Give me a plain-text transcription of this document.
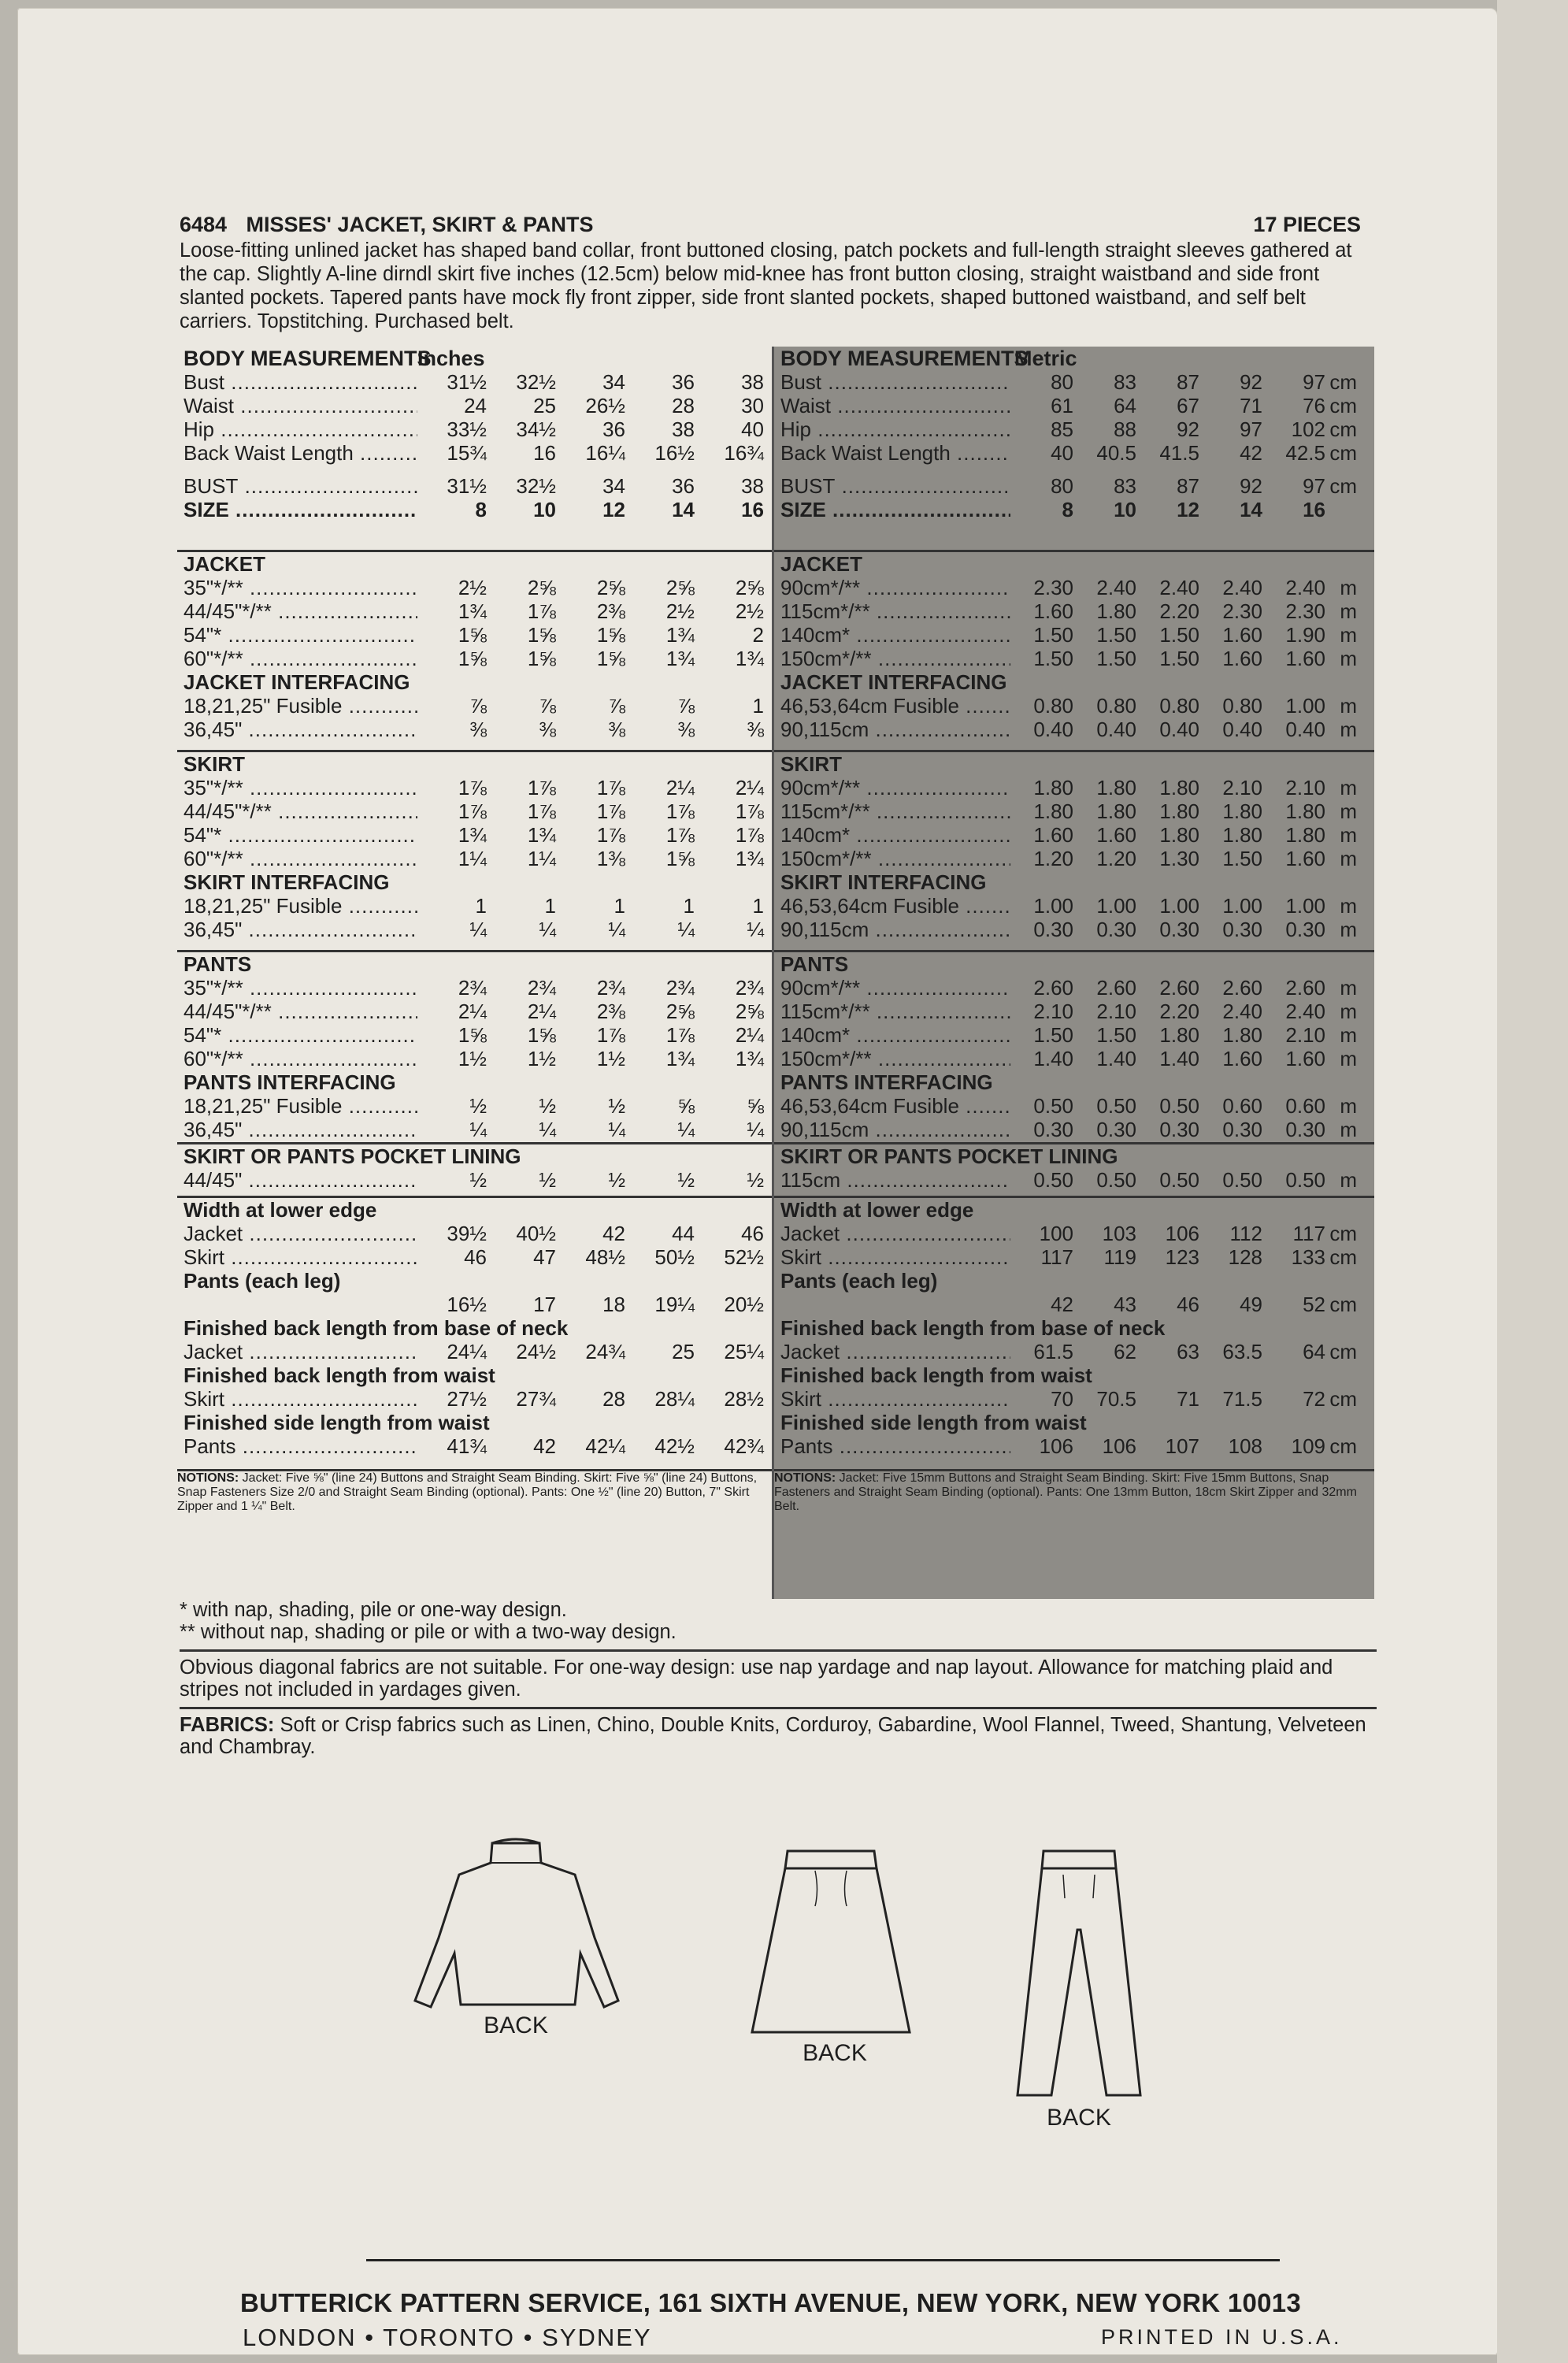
6484 MISSES' JACKET, SKIRT & PANTS	17 PIECES
Loose-fitting unlined jacket has shaped band collar, front buttoned closing, patch pockets and full-length straight sleeves gathered at the cap. Slightly A-line dirndl skirt five inches (12.5cm) below mid-knee has front button closing, straight waistband and side front slanted pockets. Tapered pants have mock fly front zipper, side front slanted pockets, shaped buttoned waistband, and self belt carriers. Topstitching. Purchased belt.
BODY MEASUREMENTS
Inches
Bust .....	31½	32½	34	36	38
Waist .....	24	25	26½	28	30
Hip .....	33½	34½	36	38	40
Back Waist Length .....	15¾	16	16¼	16½	16¾
BUST .....	31½	32½	34	36	38
SIZE .....	8	10	12	14	16
JACKET
35"*/** .....	2½	2⅝	2⅝	2⅝	2⅝
44/45"*/** .....	1¾	1⅞	2⅜	2½	2½
54"* .....	1⅝	1⅝	1⅝	1¾	2
60"*/** .....	1⅝	1⅝	1⅝	1¾	1¾
JACKET INTERFACING
18,21,25" Fusible .....	⅞	⅞	⅞	⅞	1
36,45" .....	⅜	⅜	⅜	⅜	⅜
SKIRT
35"*/** .....	1⅞	1⅞	1⅞	2¼	2¼
44/45"*/** .....	1⅞	1⅞	1⅞	1⅞	1⅞
54"* .....	1¾	1¾	1⅞	1⅞	1⅞
60"*/** .....	1¼	1¼	1⅜	1⅝	1¾
SKIRT INTERFACING
18,21,25" Fusible .....	1	1	1	1	1
36,45" .....	¼	¼	¼	¼	¼
PANTS
35"*/** .....	2¾	2¾	2¾	2¾	2¾
44/45"*/** .....	2¼	2¼	2⅜	2⅝	2⅝
54"* .....	1⅝	1⅝	1⅞	1⅞	2¼
60"*/** .....	1½	1½	1½	1¾	1¾
PANTS INTERFACING
18,21,25" Fusible .....	½	½	½	⅝	⅝
36,45" .....	¼	¼	¼	¼	¼
SKIRT OR PANTS POCKET LINING
44/45" .....	½	½	½	½	½
Width at lower edge
Jacket .....	39½	40½	42	44	46
Skirt .....	46	47	48½	50½	52½
Pants (each leg)
16½	17	18	19¼	20½
Finished back length from base of neck
Jacket .....	24¼	24½	24¾	25	25¼
Finished back length from waist
Skirt .....	27½	27¾	28	28¼	28½
Finished side length from waist
Pants .....	41¾	42	42¼	42½	42¾
NOTIONS: Jacket: Five ⅝" (line 24) Buttons and Straight Seam Binding. Skirt: Five ⅝" (line 24) Buttons, Snap Fasteners Size 2/0 and Straight Seam Binding (optional). Pants: One ½" (line 20) Button, 7" Skirt Zipper and 1 ¼" Belt.
BODY MEASUREMENTS
Metric
Bust .....	80	83	87	92	97 cm
Waist .....	61	64	67	71	76 cm
Hip .....	85	88	92	97	102 cm
Back Waist Length .....	40	40.5	41.5	42	42.5 cm
BUST .....	80	83	87	92	97 cm
SIZE .....	8	10	12	14	16
JACKET
90cm*/** .....	2.30	2.40	2.40	2.40	2.40 m
115cm*/** .....	1.60	1.80	2.20	2.30	2.30 m
140cm* .....	1.50	1.50	1.50	1.60	1.90 m
150cm*/** .....	1.50	1.50	1.50	1.60	1.60 m
JACKET INTERFACING
46,53,64cm Fusible .....	0.80	0.80	0.80	0.80	1.00 m
90,115cm .....	0.40	0.40	0.40	0.40	0.40 m
SKIRT
90cm*/** .....	1.80	1.80	1.80	2.10	2.10 m
115cm*/** .....	1.80	1.80	1.80	1.80	1.80 m
140cm* .....	1.60	1.60	1.80	1.80	1.80 m
150cm*/** .....	1.20	1.20	1.30	1.50	1.60 m
SKIRT INTERFACING
46,53,64cm Fusible .....	1.00	1.00	1.00	1.00	1.00 m
90,115cm .....	0.30	0.30	0.30	0.30	0.30 m
PANTS
90cm*/** .....	2.60	2.60	2.60	2.60	2.60 m
115cm*/** .....	2.10	2.10	2.20	2.40	2.40 m
140cm* .....	1.50	1.50	1.80	1.80	2.10 m
150cm*/** .....	1.40	1.40	1.40	1.60	1.60 m
PANTS INTERFACING
46,53,64cm Fusible .....	0.50	0.50	0.50	0.60	0.60 m
90,115cm .....	0.30	0.30	0.30	0.30	0.30 m
SKIRT OR PANTS POCKET LINING
115cm .....	0.50	0.50	0.50	0.50	0.50 m
Width at lower edge
Jacket .....	100	103	106	112	117 cm
Skirt .....	117	119	123	128	133 cm
Pants (each leg)
42	43	46	49	52 cm
Finished back length from base of neck
Jacket .....	61.5	62	63	63.5	64 cm
Finished back length from waist
Skirt .....	70	70.5	71	71.5	72 cm
Finished side length from waist
Pants .....	106	106	107	108	109 cm
NOTIONS: Jacket: Five 15mm Buttons and Straight Seam Binding. Skirt: Five 15mm Buttons, Snap Fasteners and Straight Seam Binding (optional). Pants: One 13mm Button, 18cm Skirt Zipper and 32mm Belt.
* with nap, shading, pile or one-way design.
** without nap, shading or pile or with a two-way design.
Obvious diagonal fabrics are not suitable. For one-way design: use nap yardage and nap layout. Allowance for matching plaid and stripes not included in yardages given.
FABRICS: Soft or Crisp fabrics such as Linen, Chino, Double Knits, Corduroy, Gabardine, Wool Flannel, Tweed, Shantung, Velveteen and Chambray.
BACK
BACK
BACK
BUTTERICK PATTERN SERVICE, 161 SIXTH AVENUE, NEW YORK, NEW YORK 10013
LONDON • TORONTO • SYDNEY	PRINTED IN U.S.A.
